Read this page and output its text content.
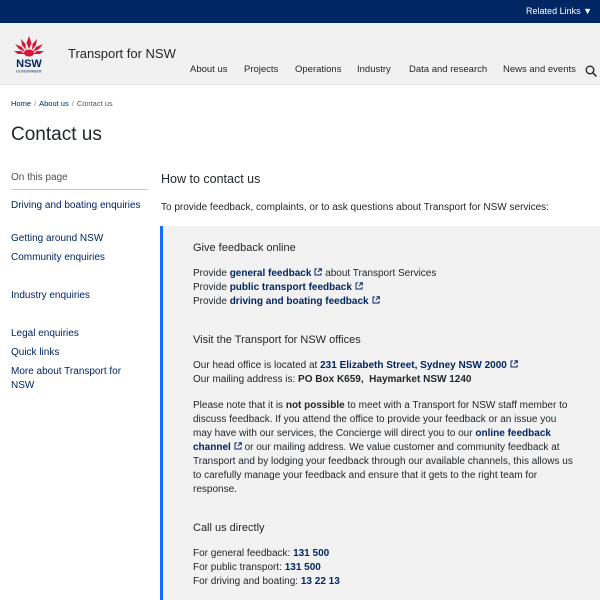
Related Links ▼
NSW
GOVERNMENT
Transport for NSW
About us Projects Operations Industry Data and research News and events
Home / About us / Contact us
Contact us
On this page
Driving and boating enquiries
Getting around NSW
Community enquiries
Industry enquiries
Legal enquiries
Quick links
More about Transport for NSW
How to contact us
To provide feedback, complaints, or to ask questions about Transport for NSW services:
Give feedback online
Provide general feedback about Transport Services
Provide public transport feedback
Provide driving and boating feedback
Visit the Transport for NSW offices
Our head office is located at 231 Elizabeth Street, Sydney NSW 2000
Our mailing address is: PO Box K659,  Haymarket NSW 1240
Please note that it is not possible to meet with a Transport for NSW staff member to discuss feedback. If you attend the office to provide your feedback or an issue you may have with our services, the Concierge will direct you to our online feedback channel or our mailing address. We value customer and community feedback at Transport and by lodging your feedback through our available channels, this allows us to carefully manage your feedback and ensure that it gets to the right team for response.
Call us directly
For general feedback: 131 500
For public transport: 131 500
For driving and boating: 13 22 13
